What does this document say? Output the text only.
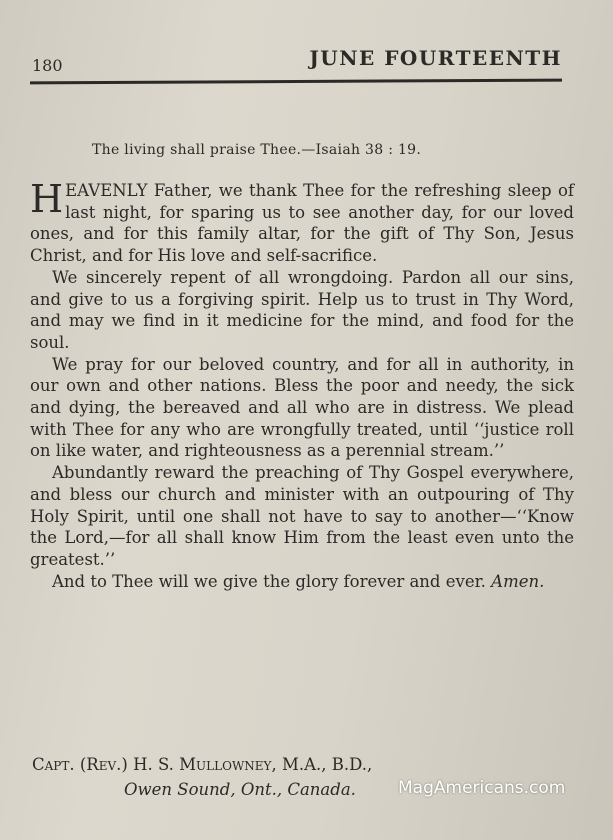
180	JUNE FOURTEENTH
The living shall praise Thee.—Isaiah 38 : 19.

HEAVENLY Father, we thank Thee for the refreshing sleep of last night, for sparing us to see another day, for our loved ones, and for this family altar, for the gift of Thy Son, Jesus Christ, and for His love and self-sacrifice.

We sincerely repent of all wrongdoing. Pardon all our sins, and give to us a forgiving spirit. Help us to trust in Thy Word, and may we find in it medicine for the mind, and food for the soul.

We pray for our beloved country, and for all in authority, in our own and other nations. Bless the poor and needy, the sick and dying, the bereaved and all who are in distress. We plead with Thee for any who are wrongfully treated, until ‘‘justice roll on like water, and righteousness as a perennial stream.’’

Abundantly reward the preaching of Thy Gospel everywhere, and bless our church and minister with an outpouring of Thy Holy Spirit, until one shall not have to say to another—‘‘Know the Lord,—for all shall know Him from the least even unto the greatest.’’

And to Thee will we give the glory forever and ever. Amen.

Capt. (Rev.) H. S. Mullowney, M.A., B.D.,
Owen Sound, Ont., Canada.	MagAmericans.com
